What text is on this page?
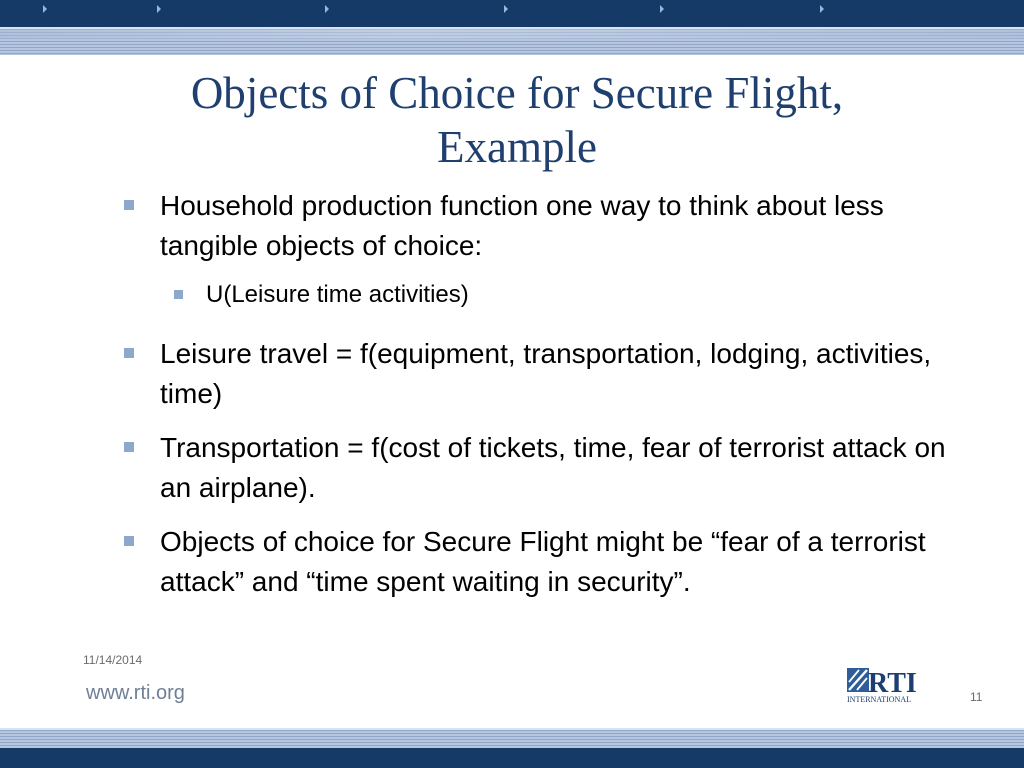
Objects of Choice for Secure Flight,
Example
Household production function one way to think about less tangible objects of choice:
U(Leisure time activities)
Leisure travel = f(equipment, transportation, lodging, activities, time)
Transportation = f(cost of tickets, time, fear of terrorist attack on an airplane).
Objects of choice for Secure Flight might be “fear of a terrorist attack” and “time spent waiting in security”.
11/14/2014
www.rti.org	RTI
INTERNATIONAL	11
